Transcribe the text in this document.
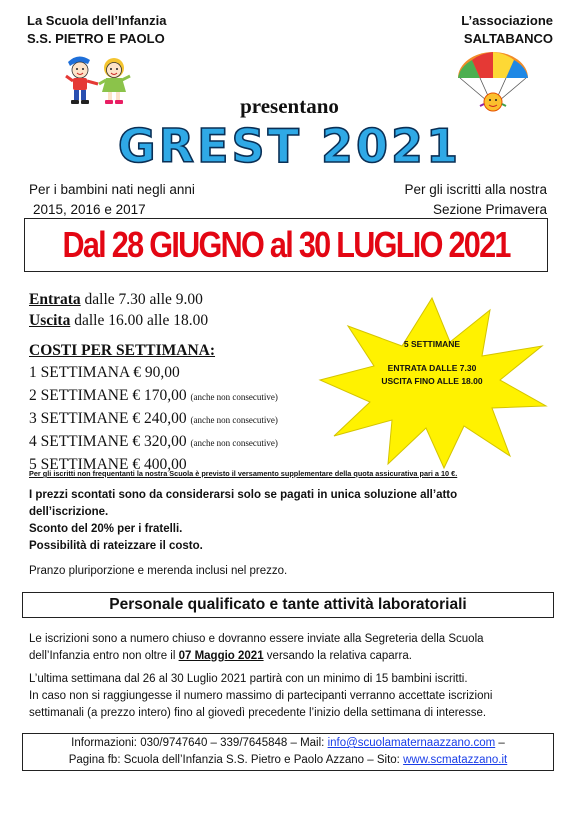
La Scuola dell’Infanzia
S.S. PIETRO E PAOLO
L’associazione
SALTABANCO
presentano
GREST 2021
Per i bambini nati negli anni
2015, 2016 e 2017
Per gli iscritti alla nostra
Sezione Primavera
Dal 28 GIUGNO al 30 LUGLIO 2021
Entrata dalle 7.30 alle 9.00
Uscita dalle 16.00 alle 18.00
COSTI PER SETTIMANA:
1 SETTIMANA € 90,00
2 SETTIMANE € 170,00 (anche non consecutive)
3 SETTIMANE € 240,00 (anche non consecutive)
4 SETTIMANE € 320,00 (anche non consecutive)
5 SETTIMANE € 400,00
5 SETTIMANE
ENTRATA DALLE 7.30
USCITA FINO ALLE 18.00
Per gli iscritti non frequentanti la nostra Scuola è previsto il versamento supplementare della quota assicurativa pari a 10 €.
I prezzi scontati sono da considerarsi solo se pagati in unica soluzione all’atto
dell’iscrizione.
Sconto del 20% per i fratelli.
Possibilità di rateizzare il costo.
Pranzo pluriporzione e merenda inclusi nel prezzo.
Personale qualificato e tante attività laboratoriali
Le iscrizioni sono a numero chiuso e dovranno essere inviate alla Segreteria della Scuola
dell’Infanzia entro non oltre il 07 Maggio 2021 versando la relativa caparra.
L’ultima settimana dal 26 al 30 Luglio 2021 partirà con un minimo di 15 bambini iscritti.
In caso non si raggiungesse il numero massimo di partecipanti verranno accettate iscrizioni
settimanali (a prezzo intero) fino al giovedì precedente l’inizio della settimana di interesse.
Informazioni: 030/9747640 – 339/7645848 – Mail: info@scuolamaternaazzano.com –
Pagina fb: Scuola dell’Infanzia S.S. Pietro e Paolo Azzano – Sito: www.scmatazzano.it
